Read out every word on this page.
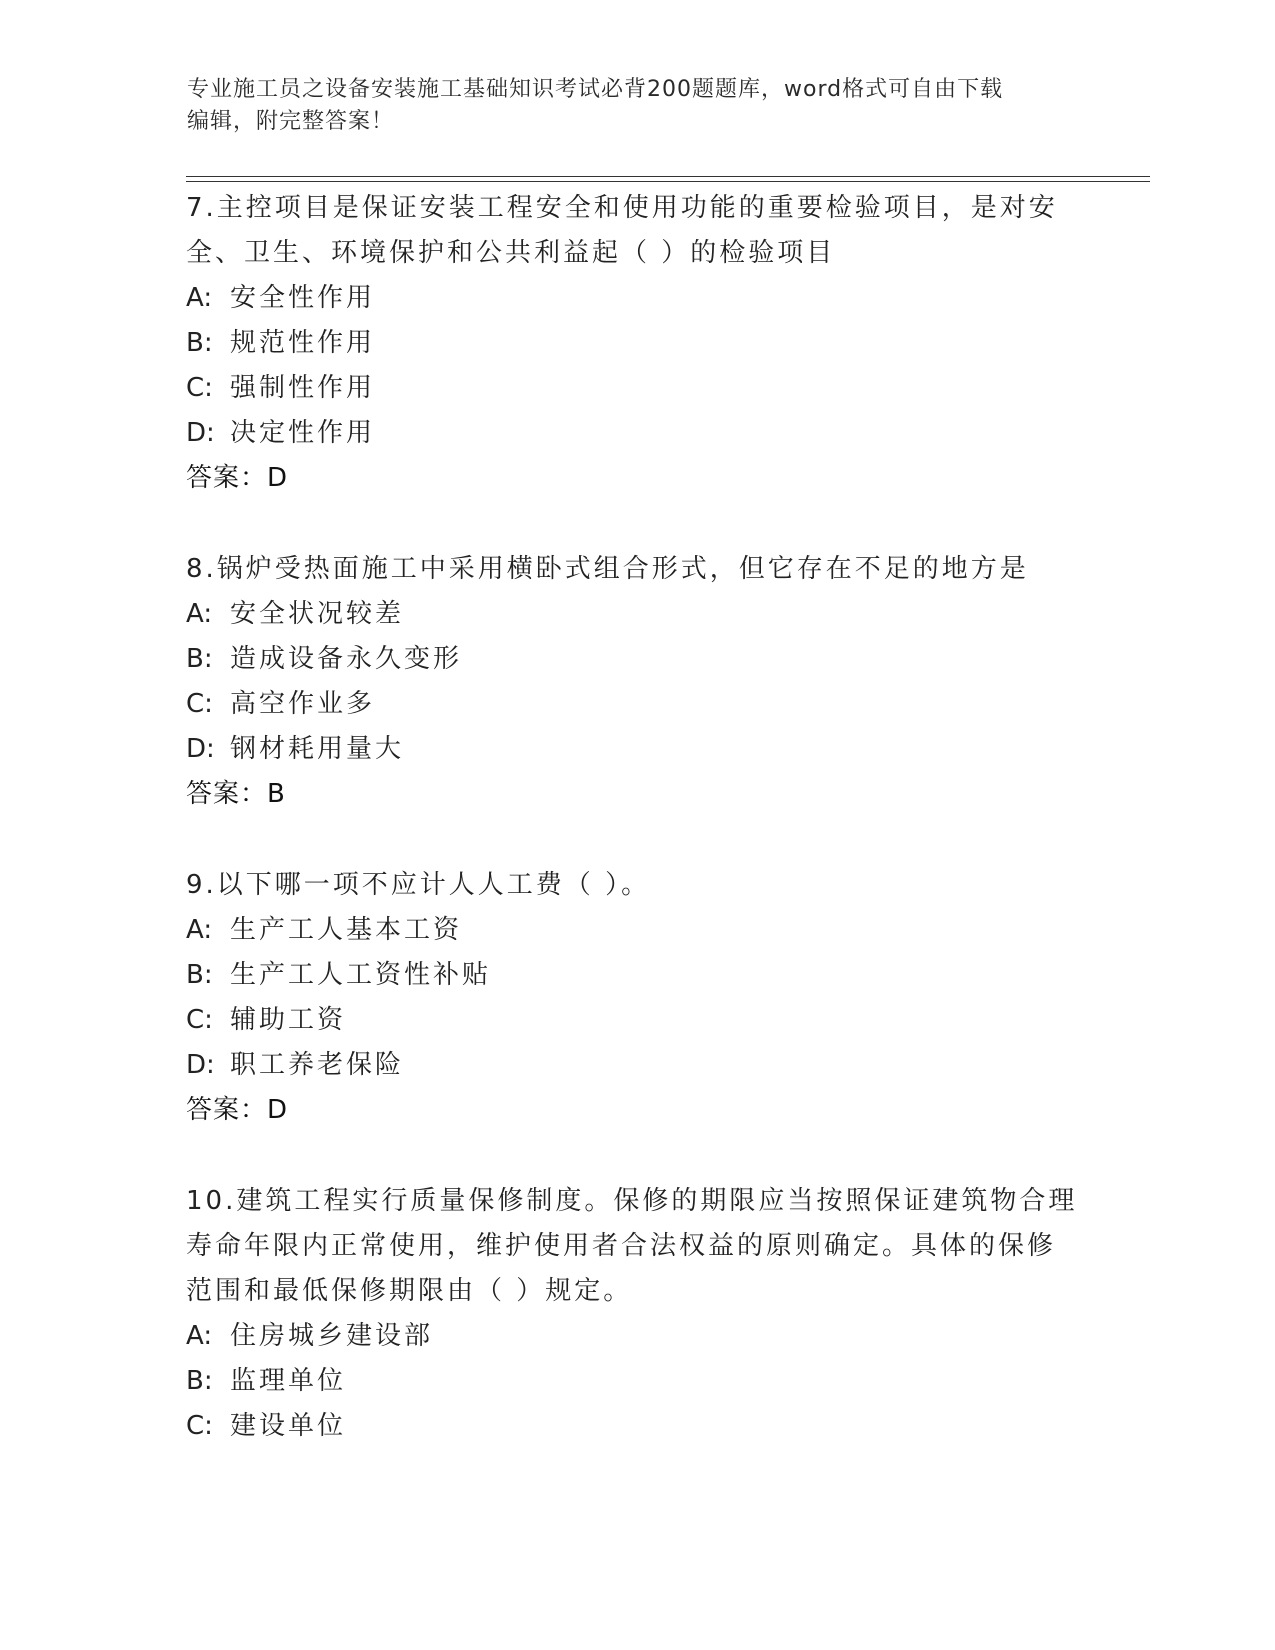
专业施工员之设备安装施工基础知识考试必背200题题库，word格式可自由下载
编辑，附完整答案！
7.主控项目是保证安装工程安全和使用功能的重要检验项目，是对安
全、卫生、环境保护和公共利益起（ ）的检验项目
A: 安全性作用
B: 规范性作用
C: 强制性作用
D: 决定性作用
答案：D
8.锅炉受热面施工中采用横卧式组合形式，但它存在不足的地方是
A: 安全状况较差
B: 造成设备永久变形
C: 高空作业多
D: 钢材耗用量大
答案：B
9.以下哪一项不应计人人工费（ ）。
A: 生产工人基本工资
B: 生产工人工资性补贴
C: 辅助工资
D: 职工养老保险
答案：D
10.建筑工程实行质量保修制度。保修的期限应当按照保证建筑物合理
寿命年限内正常使用，维护使用者合法权益的原则确定。具体的保修
范围和最低保修期限由（ ）规定。
A: 住房城乡建设部
B: 监理单位
C: 建设单位
